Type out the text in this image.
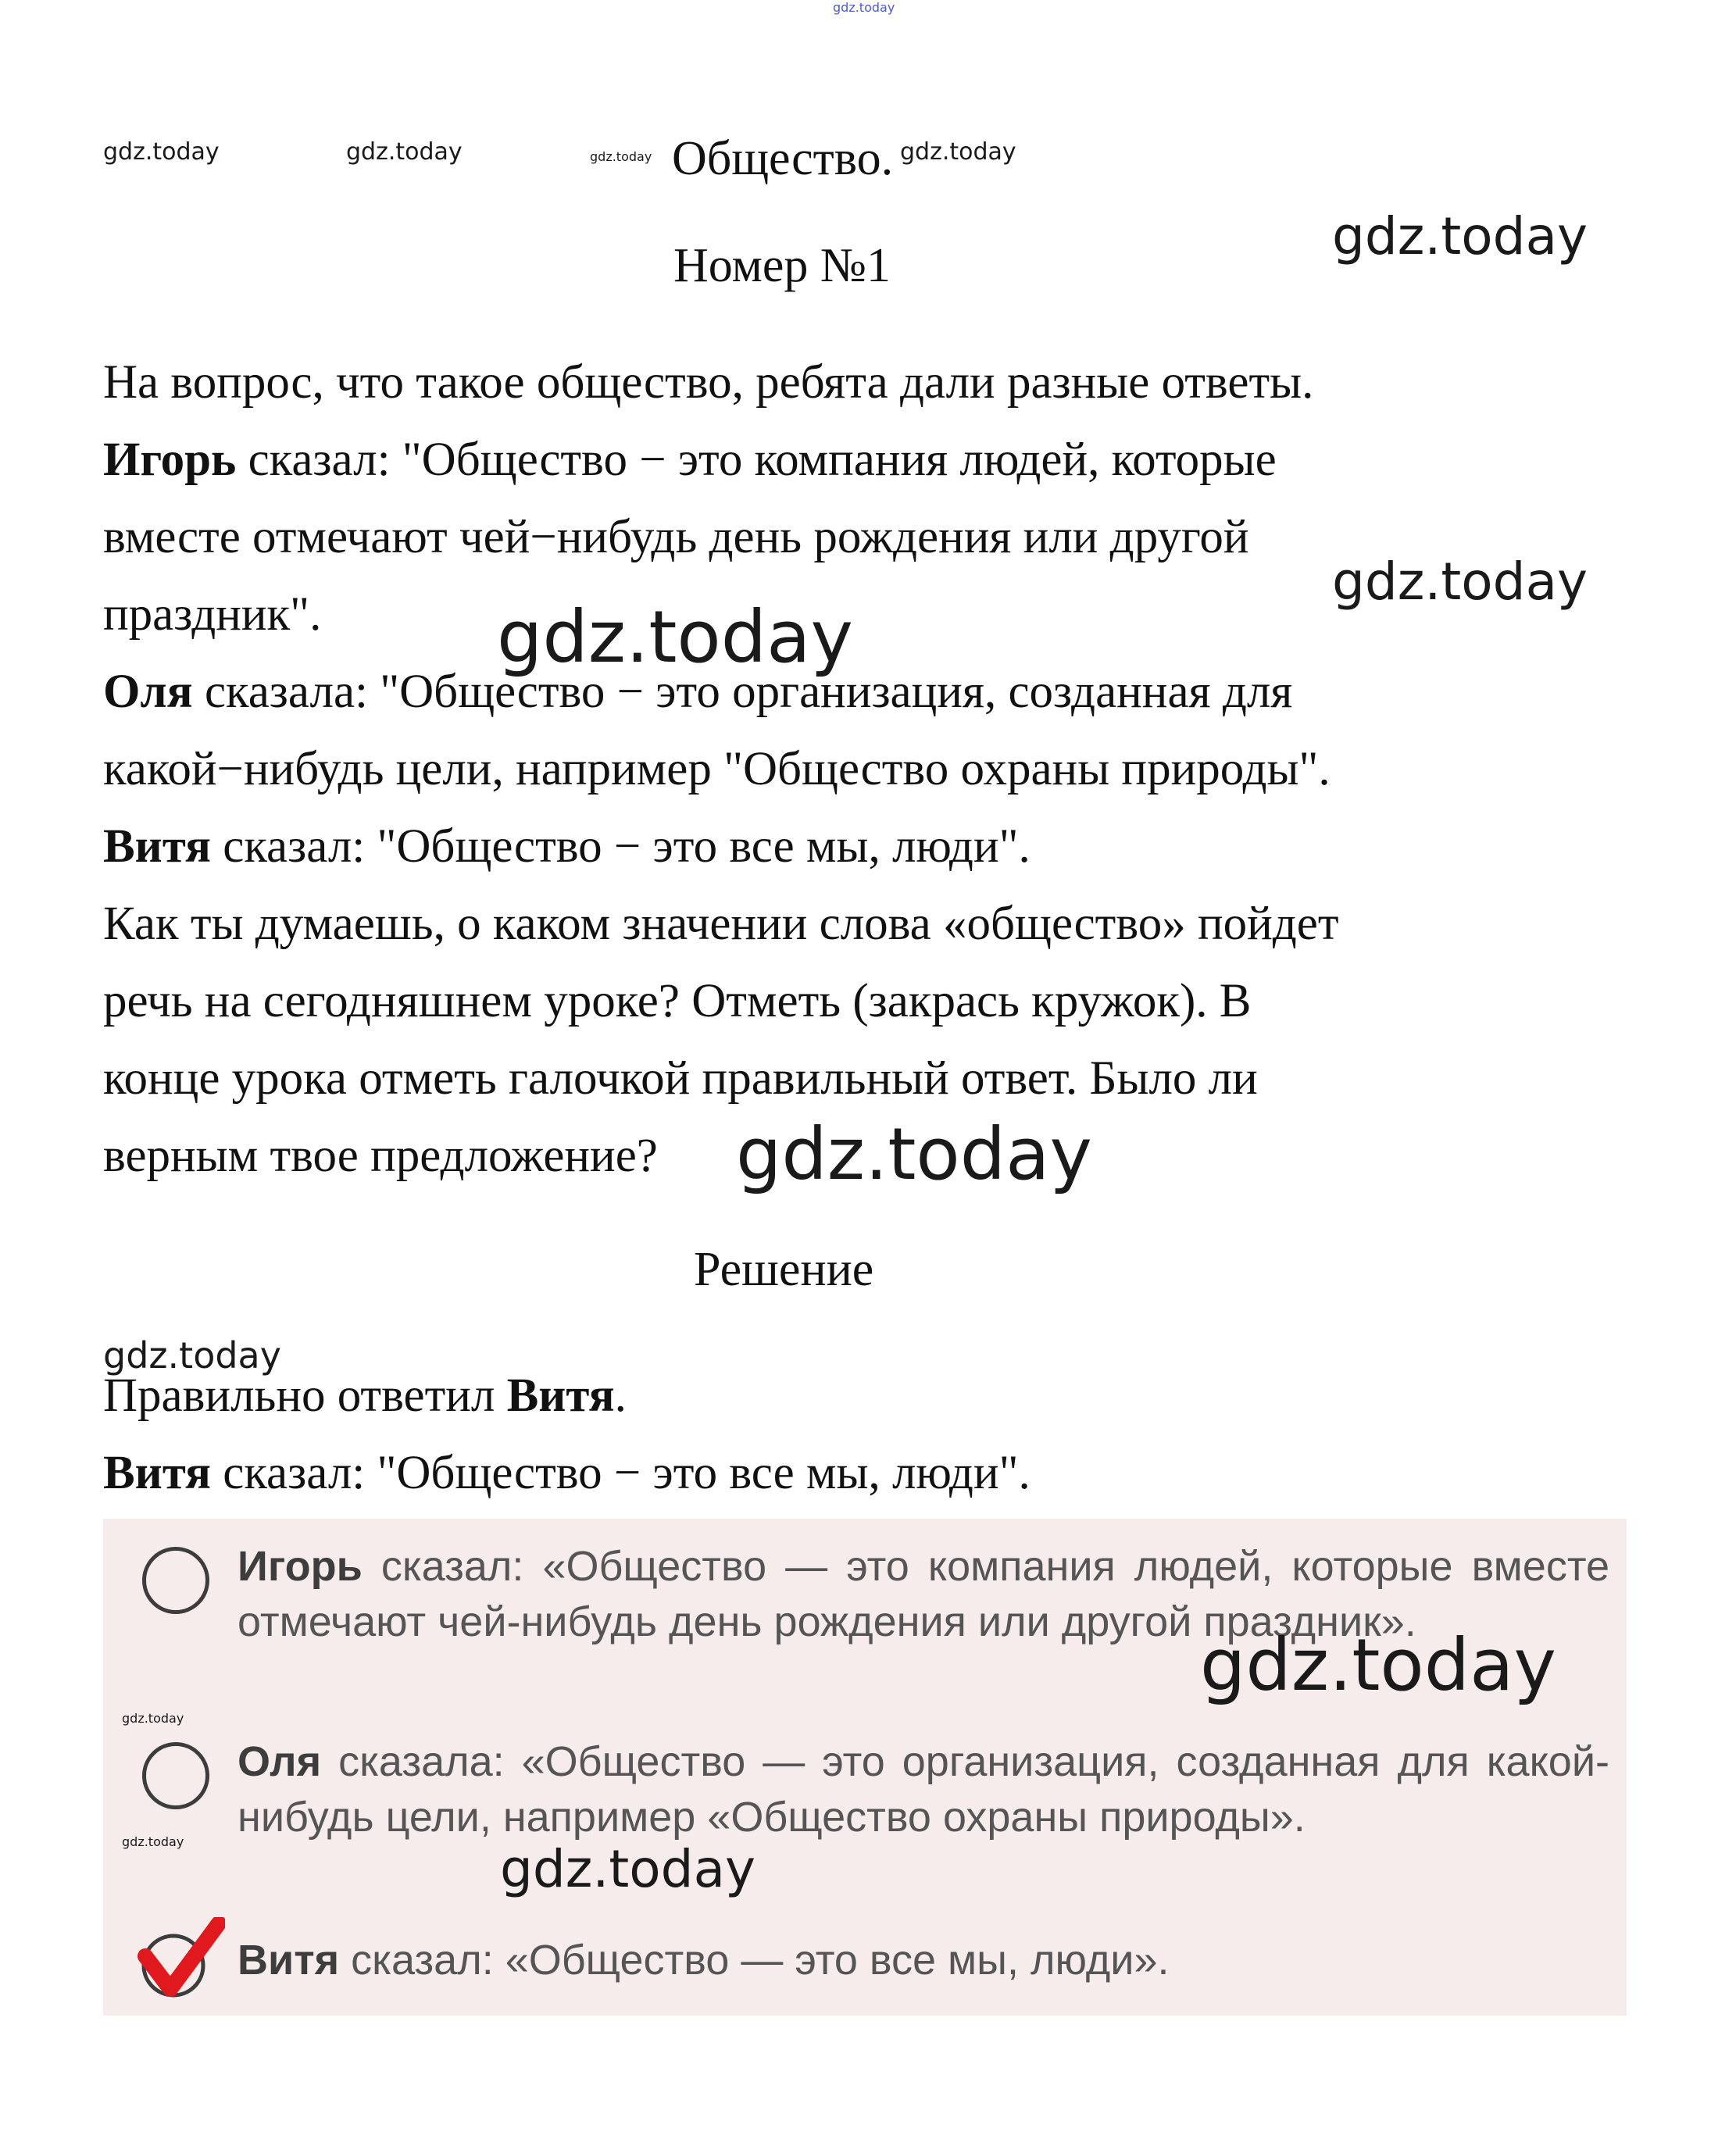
gdz.today
gdz.today	gdz.today	gdz.today	gdz.today
gdz.today
gdz.today
gdz.today
gdz.today
gdz.today
Общество.
Номер №1

На вопрос, что такое общество, ребята дали разные ответы.

Игорь сказал: "Общество − это компания людей, которые

вместе отмечают чей−нибудь день рождения или другой

праздник".

Оля сказала: "Общество − это организация, созданная для

какой−нибудь цели, например "Общество охраны природы".

Витя сказал: "Общество − это все мы, люди".

Как ты думаешь, о каком значении слова «общество» пойдет

речь на сегодняшнем уроке? Отметь (закрась кружок). В

конце урока отметь галочкой правильный ответ. Было ли

верным твое предложение?

Решение

Правильно ответил Витя.

Витя сказал: "Общество − это все мы, люди".

Игорь сказал: «Общество — это компания людей, которые вместе отмечают чей-нибудь день рождения или другой праздник».
Оля сказала: «Общество — это организация, созданная для какой-нибудь цели, например «Общество охраны природы».
Витя сказал: «Общество — это все мы, люди».
gdz.today
gdz.today
gdz.today	gdz.today
